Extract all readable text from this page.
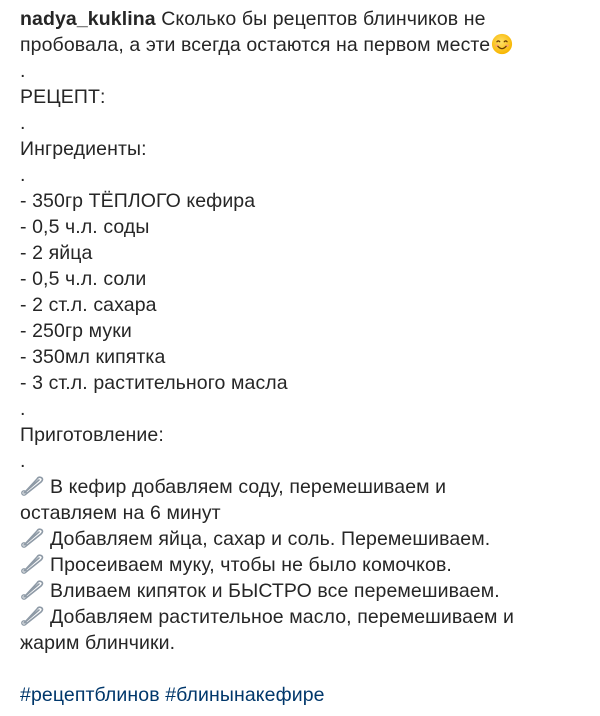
nadya_kuklina Сколько бы рецептов блинчиков не
пробовала, а эти всегда остаются на первом месте
.
РЕЦЕПТ:
.
Ингредиенты:
.
- 350гр ТЁПЛОГО кефира
- 0,5 ч.л. соды
- 2 яйца
- 0,5 ч.л. соли
- 2 ст.л. сахара
- 250гр муки
- 350мл кипятка
- 3 ст.л. растительного масла
.
Приготовление:
.
В кефир добавляем соду, перемешиваем и
оставляем на 6 минут
Добавляем яйца, сахар и соль. Перемешиваем.
Просеиваем муку, чтобы не было комочков.
Вливаем кипяток и БЫСТРО все перемешиваем.
Добавляем растительное масло, перемешиваем и
жарим блинчики.
#рецептблинов #блинынакефире
